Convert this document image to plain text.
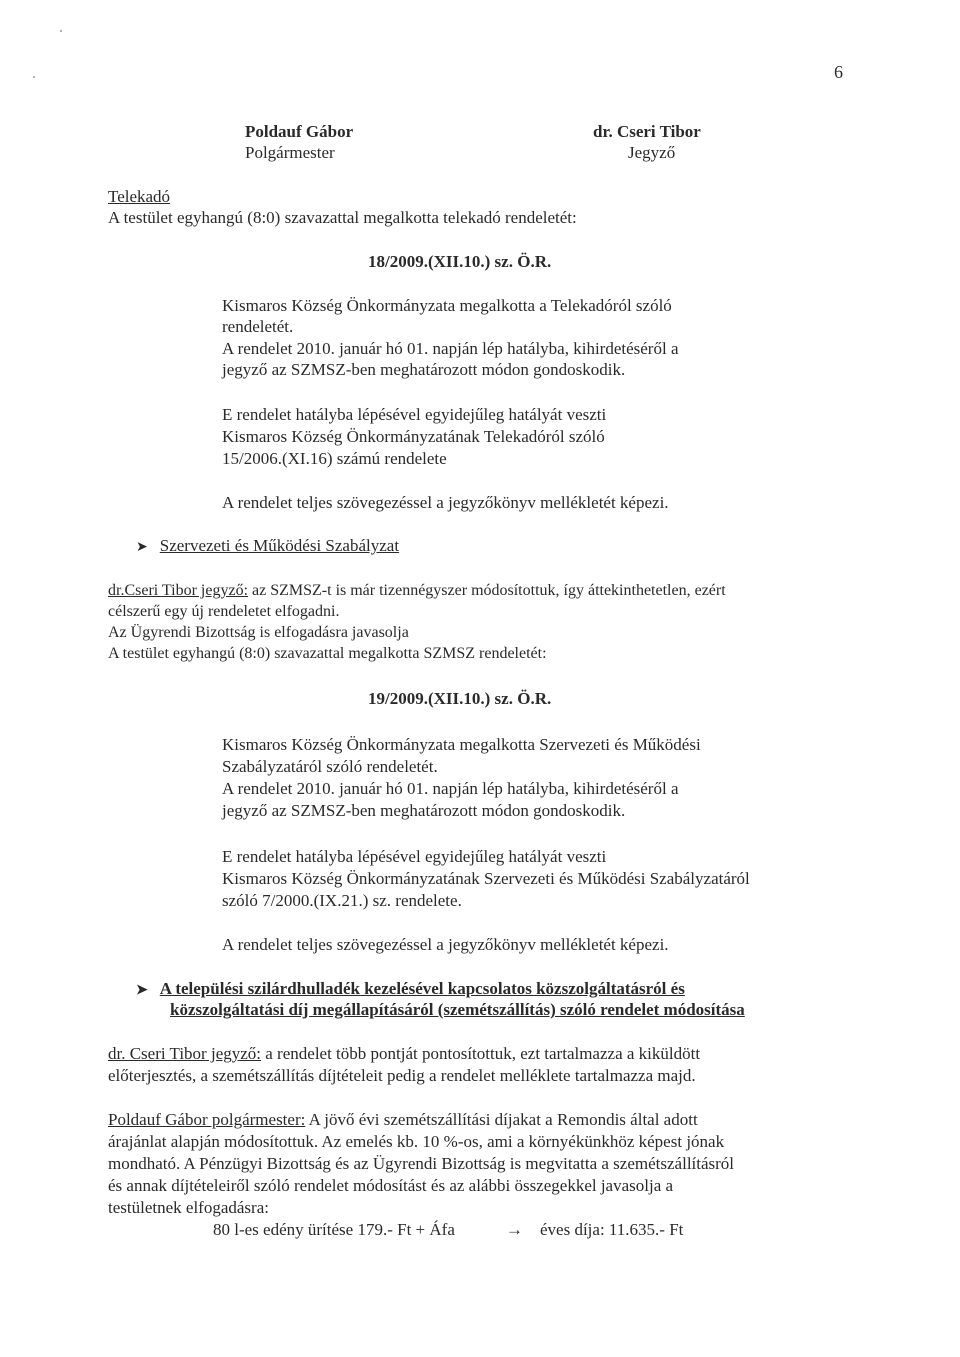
6
Poldauf Gábor
Polgármester
dr. Cseri Tibor
Jegyző
Telekadó
A testület egyhangú (8:0) szavazattal megalkotta telekadó rendeletét:
18/2009.(XII.10.) sz. Ö.R.
Kismaros Község Önkormányzata megalkotta a Telekadóról szóló
rendeletét.
A rendelet 2010. január hó 01. napján lép hatályba, kihirdetéséről a
jegyző az SZMSZ-ben meghatározott módon gondoskodik.
E rendelet hatályba lépésével egyidejűleg hatályát veszti
Kismaros Község Önkormányzatának Telekadóról szóló
15/2006.(XI.16) számú rendelete
A rendelet teljes szövegezéssel a jegyzőkönyv mellékletét képezi.
➤ Szervezeti és Működési Szabályzat
dr.Cseri Tibor jegyző: az SZMSZ-t is már tizennégyszer módosítottuk, így áttekinthetetlen, ezért
célszerű egy új rendeletet elfogadni.
Az Ügyrendi Bizottság is elfogadásra javasolja
A testület egyhangú (8:0) szavazattal megalkotta SZMSZ rendeletét:
19/2009.(XII.10.) sz. Ö.R.
Kismaros Község Önkormányzata megalkotta Szervezeti és Működési
Szabályzatáról szóló rendeletét.
A rendelet 2010. január hó 01. napján lép hatályba, kihirdetéséről a
jegyző az SZMSZ-ben meghatározott módon gondoskodik.
E rendelet hatályba lépésével egyidejűleg hatályát veszti
Kismaros Község Önkormányzatának Szervezeti és Működési Szabályzatáról
szóló 7/2000.(IX.21.) sz. rendelete.
A rendelet teljes szövegezéssel a jegyzőkönyv mellékletét képezi.
➤ A települési szilárdhulladék kezelésével kapcsolatos közszolgáltatásról és
közszolgáltatási díj megállapításáról (szemétszállítás) szóló rendelet módosítása
dr. Cseri Tibor jegyző: a rendelet több pontját pontosítottuk, ezt tartalmazza a kiküldött
előterjesztés, a szemétszállítás díjtételeit pedig a rendelet melléklete tartalmazza majd.
Poldauf Gábor polgármester: A jövő évi szemétszállítási díjakat a Remondis által adott
árajánlat alapján módosítottuk. Az emelés kb. 10 %-os, ami a környékünkhöz képest jónak
mondható. A Pénzügyi Bizottság és az Ügyrendi Bizottság is megvitatta a szemétszállításról
és annak díjtételeiről szóló rendelet módosítást és az alábbi összegekkel javasolja a
testületnek elfogadásra:
80 l-es edény ürítése 179.- Ft + Áfa	→ éves díja: 11.635.- Ft
